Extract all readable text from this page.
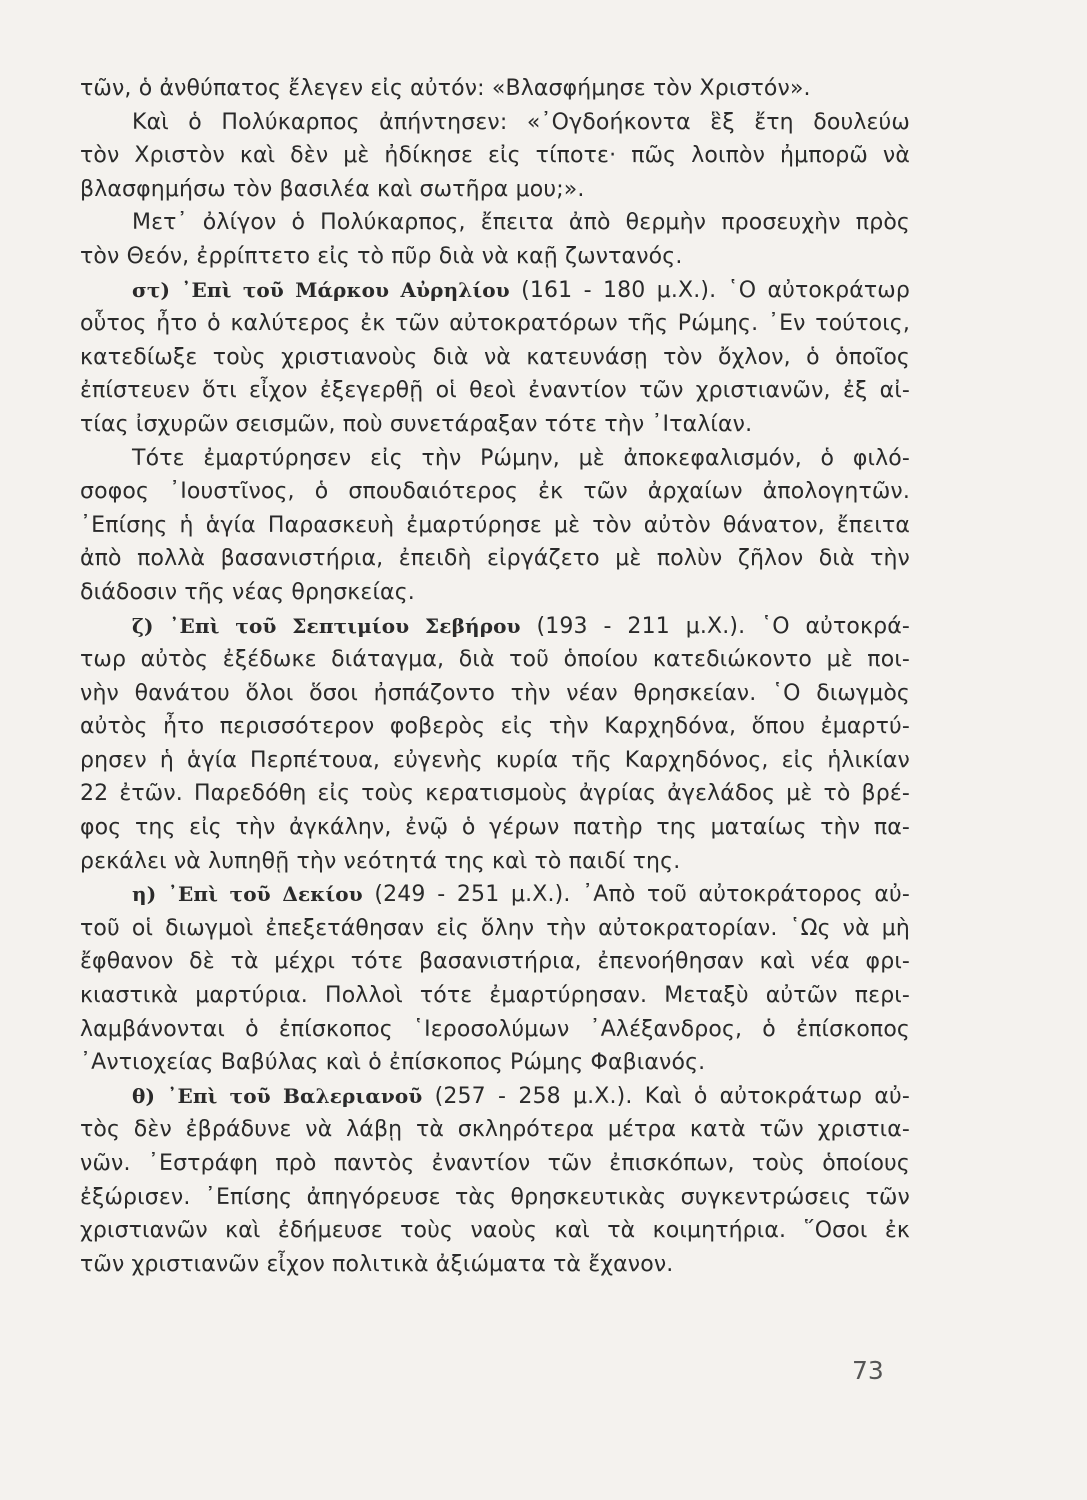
τῶν, ὁ ἀνθύπατος ἔλεγεν εἰς αὐτόν: «Βλασφήμησε τὸν Χριστόν».
Καὶ ὁ Πολύκαρπος ἀπήντησεν: «᾿Ογδοήκοντα ἓξ ἔτη δουλεύω
τὸν Χριστὸν καὶ δὲν μὲ ἠδίκησε εἰς τίποτε· πῶς λοιπὸν ἠμπορῶ νὰ
βλασφημήσω τὸν βασιλέα καὶ σωτῆρα μου;».
Μετ᾿ ὀλίγον ὁ Πολύκαρπος, ἔπειτα ἀπὸ θερμὴν προσευχὴν πρὸς
τὸν Θεόν, ἐρρίπτετο εἰς τὸ πῦρ διὰ νὰ καῇ ζωντανός.
στ) ᾿Επὶ τοῦ Μάρκου Αὐρηλίου (161 - 180 μ.Χ.). ῾Ο αὐτοκράτωρ
οὗτος ἦτο ὁ καλύτερος ἐκ τῶν αὐτοκρατόρων τῆς Ρώμης. ᾿Εν τούτοις,
κατεδίωξε τοὺς χριστιανοὺς διὰ νὰ κατευνάσῃ τὸν ὄχλον, ὁ ὁποῖος
ἐπίστευεν ὅτι εἶχον ἐξεγερθῇ οἱ θεοὶ ἐναντίον τῶν χριστιανῶν, ἐξ αἰ-
τίας ἰσχυρῶν σεισμῶν, ποὺ συνετάραξαν τότε τὴν ᾿Ιταλίαν.
Τότε ἐμαρτύρησεν εἰς τὴν Ρώμην, μὲ ἀποκεφαλισμόν, ὁ φιλό-
σοφος ᾿Ιουστῖνος, ὁ σπουδαιότερος ἐκ τῶν ἀρχαίων ἀπολογητῶν.
᾿Επίσης ἡ ἁγία Παρασκευὴ ἐμαρτύρησε μὲ τὸν αὐτὸν θάνατον, ἔπειτα
ἀπὸ πολλὰ βασανιστήρια, ἐπειδὴ εἰργάζετο μὲ πολὺν ζῆλον διὰ τὴν
διάδοσιν τῆς νέας θρησκείας.
ζ) ᾿Επὶ τοῦ Σεπτιμίου Σεβήρου (193 - 211 μ.Χ.). ῾Ο αὐτοκρά-
τωρ αὐτὸς ἐξέδωκε διάταγμα, διὰ τοῦ ὁποίου κατεδιώκοντο μὲ ποι-
νὴν θανάτου ὅλοι ὅσοι ἠσπάζοντο τὴν νέαν θρησκείαν. ῾Ο διωγμὸς
αὐτὸς ἦτο περισσότερον φοβερὸς εἰς τὴν Καρχηδόνα, ὅπου ἐμαρτύ-
ρησεν ἡ ἁγία Περπέτουα, εὐγενὴς κυρία τῆς Καρχηδόνος, εἰς ἡλικίαν
22 ἐτῶν. Παρεδόθη εἰς τοὺς κερατισμοὺς ἀγρίας ἀγελάδος μὲ τὸ βρέ-
φος της εἰς τὴν ἀγκάλην, ἐνῷ ὁ γέρων πατὴρ της ματαίως τὴν πα-
ρεκάλει νὰ λυπηθῇ τὴν νεότητά της καὶ τὸ παιδί της.
η) ᾿Επὶ τοῦ Δεκίου (249 - 251 μ.Χ.). ᾿Απὸ τοῦ αὐτοκράτορος αὐ-
τοῦ οἱ διωγμοὶ ἐπεξετάθησαν εἰς ὅλην τὴν αὐτοκρατορίαν. ῾Ως νὰ μὴ
ἔφθανον δὲ τὰ μέχρι τότε βασανιστήρια, ἐπενοήθησαν καὶ νέα φρι-
κιαστικὰ μαρτύρια. Πολλοὶ τότε ἐμαρτύρησαν. Μεταξὺ αὐτῶν περι-
λαμβάνονται ὁ ἐπίσκοπος ῾Ιεροσολύμων ᾿Αλέξανδρος, ὁ ἐπίσκοπος
᾿Αντιοχείας Βαβύλας καὶ ὁ ἐπίσκοπος Ρώμης Φαβιανός.
θ) ᾿Επὶ τοῦ Βαλεριανοῦ (257 - 258 μ.Χ.). Καὶ ὁ αὐτοκράτωρ αὐ-
τὸς δὲν ἐβράδυνε νὰ λάβῃ τὰ σκληρότερα μέτρα κατὰ τῶν χριστια-
νῶν. ᾿Εστράφη πρὸ παντὸς ἐναντίον τῶν ἐπισκόπων, τοὺς ὁποίους
ἐξώρισεν. ᾿Επίσης ἀπηγόρευσε τὰς θρησκευτικὰς συγκεντρώσεις τῶν
χριστιανῶν καὶ ἐδήμευσε τοὺς ναοὺς καὶ τὰ κοιμητήρια. ῞Οσοι ἐκ
τῶν χριστιανῶν εἶχον πολιτικὰ ἀξιώματα τὰ ἔχανον.
73
